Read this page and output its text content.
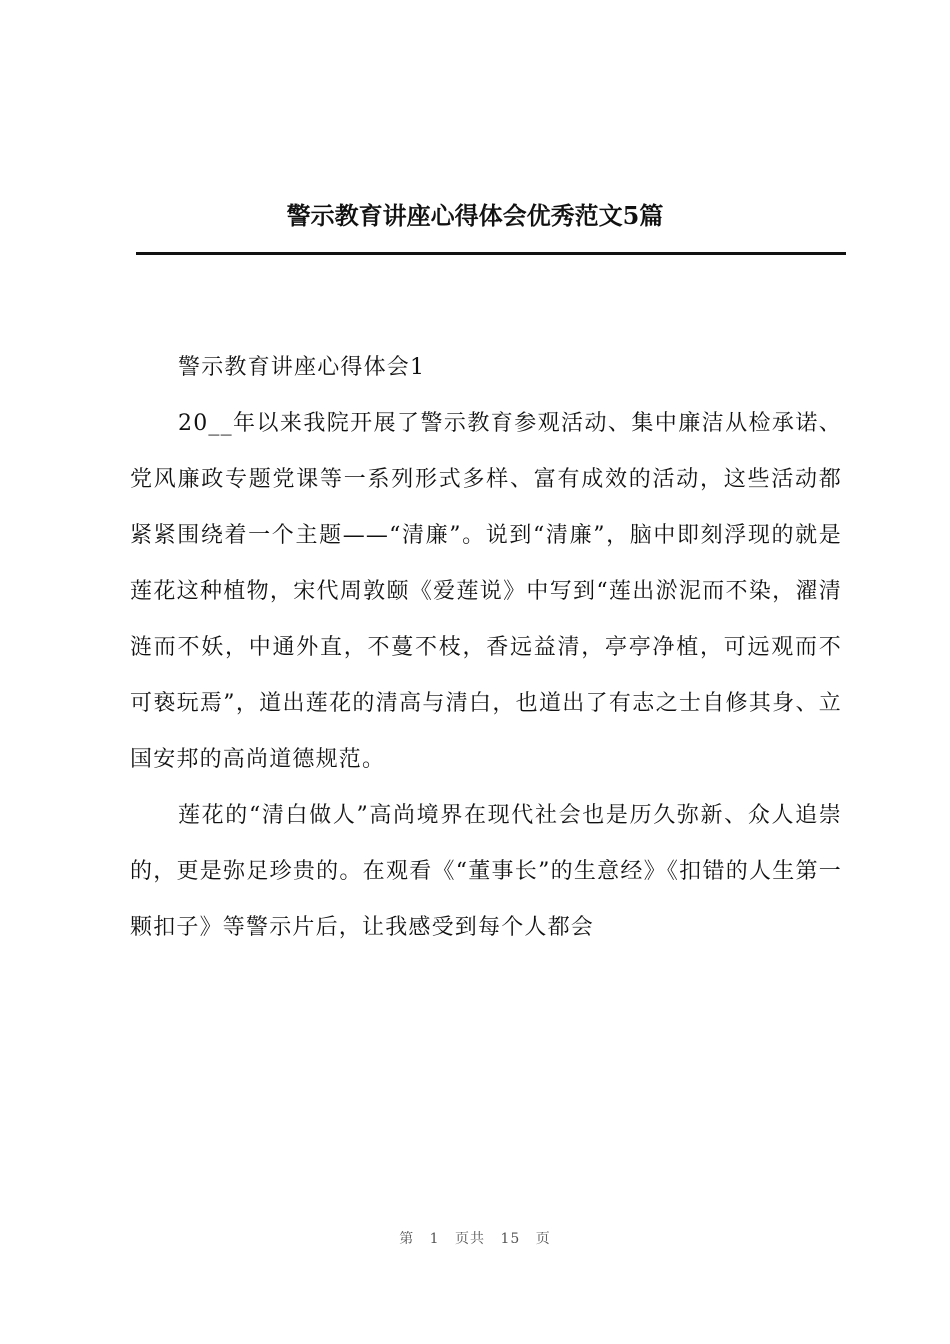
警示教育讲座心得体会优秀范文5篇

警示教育讲座心得体会1

20__年以来我院开展了警示教育参观活动、集中廉洁从检承诺、党风廉政专题党课等一系列形式多样、富有成效的活动，这些活动都紧紧围绕着一个主题——“清廉”。说到“清廉”，脑中即刻浮现的就是莲花这种植物，宋代周敦颐《爱莲说》中写到“莲出淤泥而不染，濯清涟而不妖，中通外直，不蔓不枝，香远益清，亭亭净植，可远观而不可亵玩焉”，道出莲花的清高与清白，也道出了有志之士自修其身、立国安邦的高尚道德规范。

莲花的“清白做人”高尚境界在现代社会也是历久弥新、众人追崇的，更是弥足珍贵的。在观看《“董事长”的生意经》《扣错的人生第一颗扣子》等警示片后，让我感受到每个人都会

第 1 页共 15 页
